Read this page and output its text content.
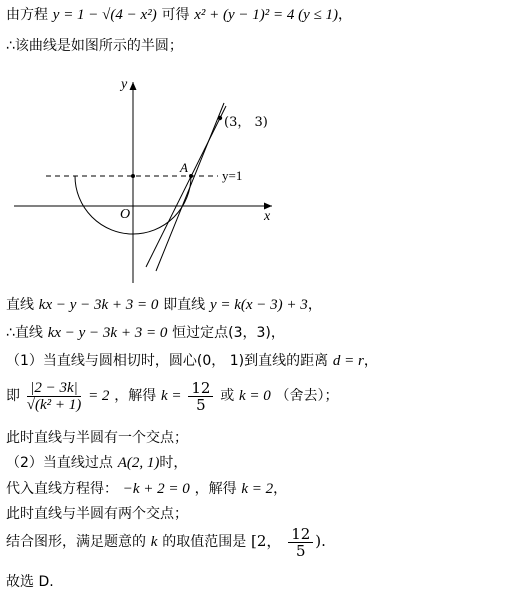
由方程 y = 1 − √(4 − x²) 可得 x² + (y − 1)² = 4 (y ≤ 1)，
∴该曲线是如图所示的半圆；
x
y
O
A
(3， 3)
y=1
直线 kx − y − 3k + 3 = 0 即直线 y = k(x − 3) + 3，
∴直线 kx − y − 3k + 3 = 0 恒过定点(3，3)，
（1）当直线与圆相切时，圆心(0， 1)到直线的距离 d = r，
即 $\frac{|2 - 3k|}{\text{√(k² + 1)}} = 2$ ，解得 $k = \frac{12}{5}$ 或 k = 0 （舍去）；
此时直线与半圆有一个交点；
（2）当直线过点 A(2, 1)时，
代入直线方程得： −k + 2 = 0 ，解得 k = 2，
此时直线与半圆有两个交点；
结合图形，满足题意的 k 的取值范围是 [2， $\frac{12}{5}$ ).
故选 D.
